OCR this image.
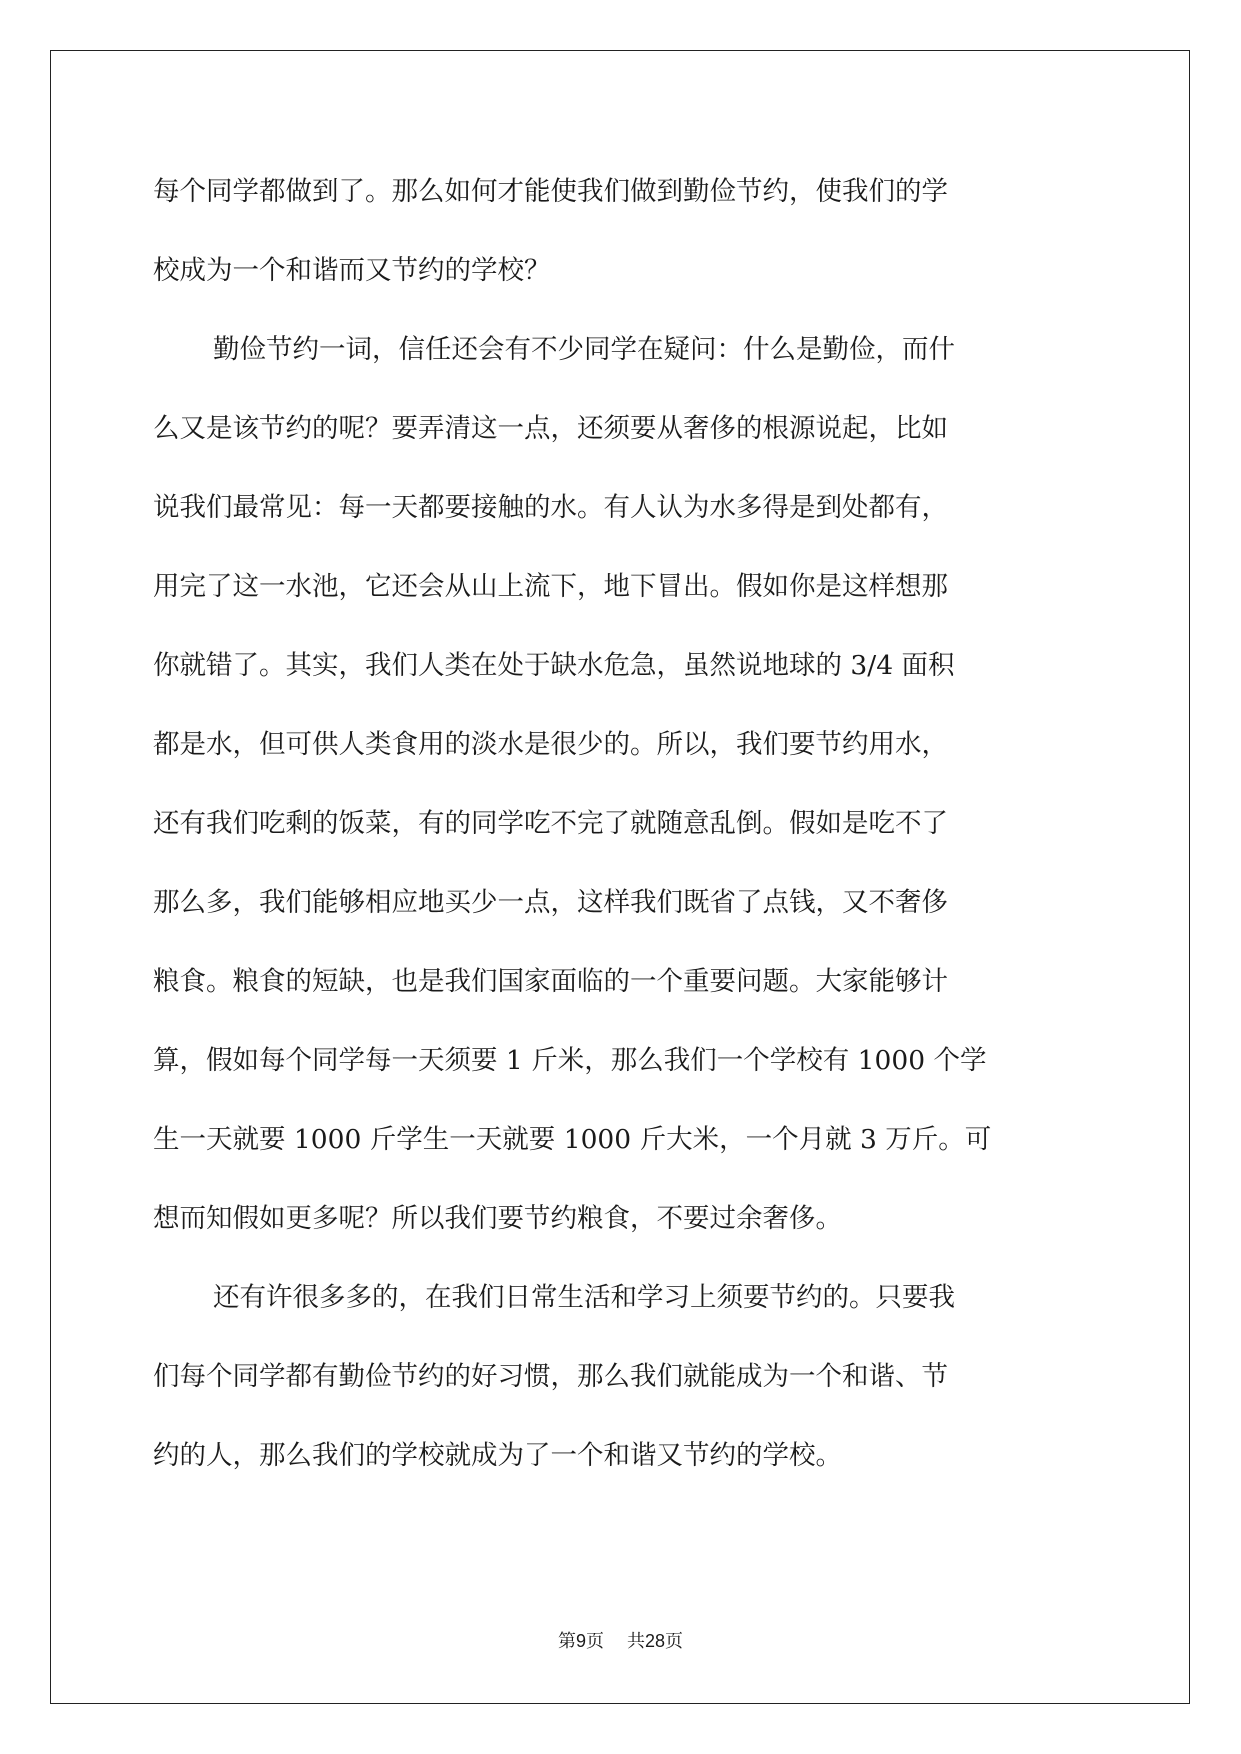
每个同学都做到了。那么如何才能使我们做到勤俭节约，使我们的学
校成为一个和谐而又节约的学校？
勤俭节约一词，信任还会有不少同学在疑问：什么是勤俭，而什
么又是该节约的呢？要弄清这一点，还须要从奢侈的根源说起，比如
说我们最常见：每一天都要接触的水。有人认为水多得是到处都有，
用完了这一水池，它还会从山上流下，地下冒出。假如你是这样想那
你就错了。其实，我们人类在处于缺水危急，虽然说地球的 3/4 面积
都是水，但可供人类食用的淡水是很少的。所以，我们要节约用水，
还有我们吃剩的饭菜，有的同学吃不完了就随意乱倒。假如是吃不了
那么多，我们能够相应地买少一点，这样我们既省了点钱，又不奢侈
粮食。粮食的短缺，也是我们国家面临的一个重要问题。大家能够计
算，假如每个同学每一天须要 1 斤米，那么我们一个学校有 1000 个学
生一天就要 1000 斤学生一天就要 1000 斤大米，一个月就 3 万斤。可
想而知假如更多呢？所以我们要节约粮食，不要过余奢侈。
还有许很多多的，在我们日常生活和学习上须要节约的。只要我
们每个同学都有勤俭节约的好习惯，那么我们就能成为一个和谐、节
约的人，那么我们的学校就成为了一个和谐又节约的学校。
第9页 共28页
